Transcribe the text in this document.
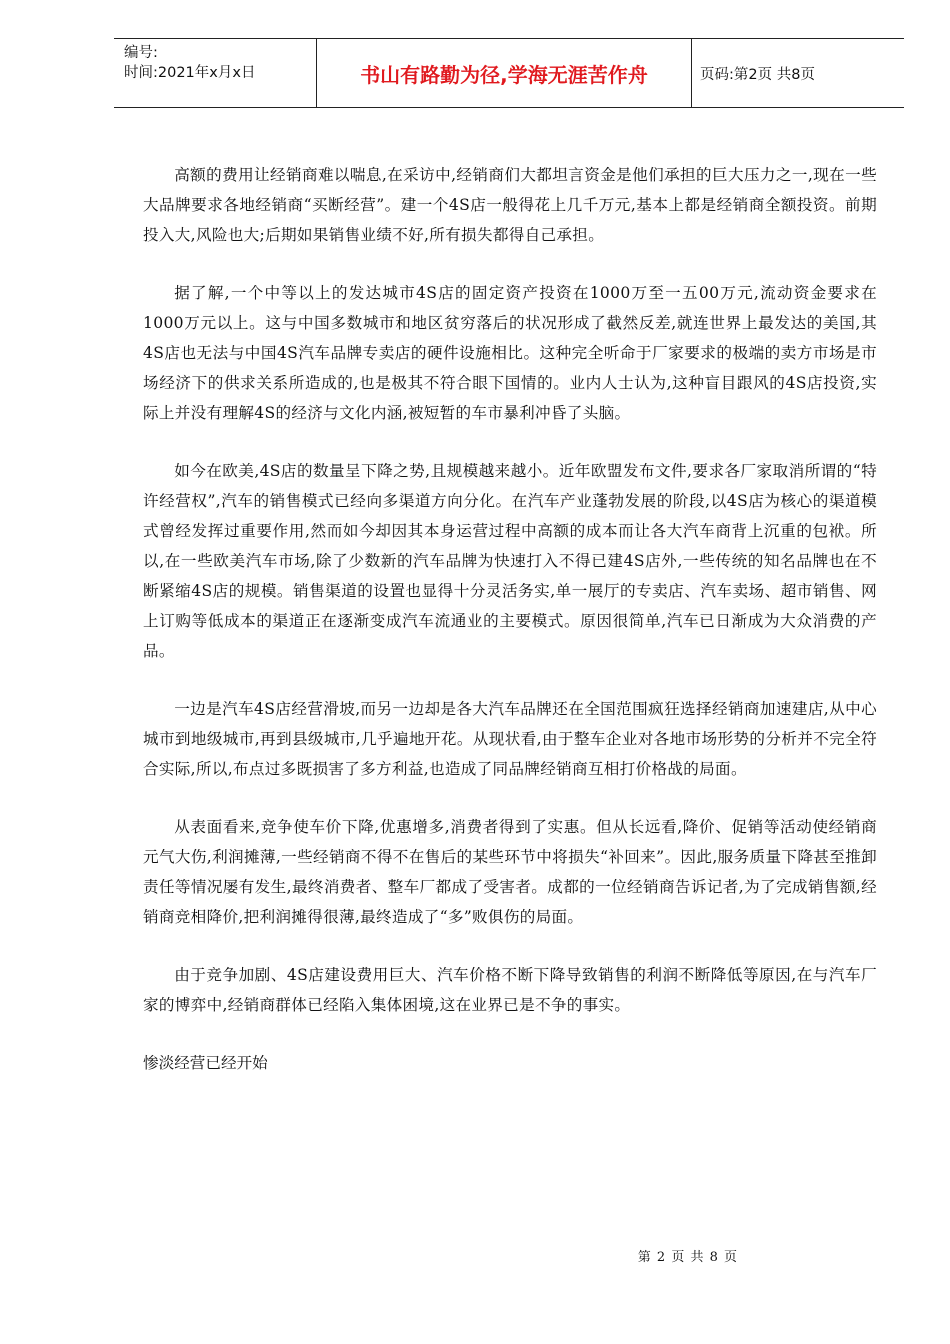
编号:
时间:2021年x月x日	书山有路勤为径,学海无涯苦作舟	页码:第2页 共8页

高额的费用让经销商难以喘息,在采访中,经销商们大都坦言资金是他们承担的巨大压力之一,现在一些大品牌要求各地经销商“买断经营”。建一个4S店一般得花上几千万元,基本上都是经销商全额投资。前期投入大,风险也大;后期如果销售业绩不好,所有损失都得自己承担。

据了解,一个中等以上的发达城市4S店的固定资产投资在1000万至一五00万元,流动资金要求在1000万元以上。这与中国多数城市和地区贫穷落后的状况形成了截然反差,就连世界上最发达的美国,其4S店也无法与中国4S汽车品牌专卖店的硬件设施相比。这种完全听命于厂家要求的极端的卖方市场是市场经济下的供求关系所造成的,也是极其不符合眼下国情的。业内人士认为,这种盲目跟风的4S店投资,实际上并没有理解4S的经济与文化内涵,被短暂的车市暴利冲昏了头脑。

如今在欧美,4S店的数量呈下降之势,且规模越来越小。近年欧盟发布文件,要求各厂家取消所谓的“特许经营权”,汽车的销售模式已经向多渠道方向分化。在汽车产业蓬勃发展的阶段,以4S店为核心的渠道模式曾经发挥过重要作用,然而如今却因其本身运营过程中高额的成本而让各大汽车商背上沉重的包袱。所以,在一些欧美汽车市场,除了少数新的汽车品牌为快速打入不得已建4S店外,一些传统的知名品牌也在不断紧缩4S店的规模。销售渠道的设置也显得十分灵活务实,单一展厅的专卖店、汽车卖场、超市销售、网上订购等低成本的渠道正在逐渐变成汽车流通业的主要模式。原因很简单,汽车已日渐成为大众消费的产品。

一边是汽车4S店经营滑坡,而另一边却是各大汽车品牌还在全国范围疯狂选择经销商加速建店,从中心城市到地级城市,再到县级城市,几乎遍地开花。从现状看,由于整车企业对各地市场形势的分析并不完全符合实际,所以,布点过多既损害了多方利益,也造成了同品牌经销商互相打价格战的局面。

从表面看来,竞争使车价下降,优惠增多,消费者得到了实惠。但从长远看,降价、促销等活动使经销商元气大伤,利润摊薄,一些经销商不得不在售后的某些环节中将损失“补回来”。因此,服务质量下降甚至推卸责任等情况屡有发生,最终消费者、整车厂都成了受害者。成都的一位经销商告诉记者,为了完成销售额,经销商竞相降价,把利润摊得很薄,最终造成了“多”败俱伤的局面。

由于竞争加剧、4S店建设费用巨大、汽车价格不断下降导致销售的利润不断降低等原因,在与汽车厂家的博弈中,经销商群体已经陷入集体困境,这在业界已是不争的事实。

惨淡经营已经开始

第 2 页 共 8 页
